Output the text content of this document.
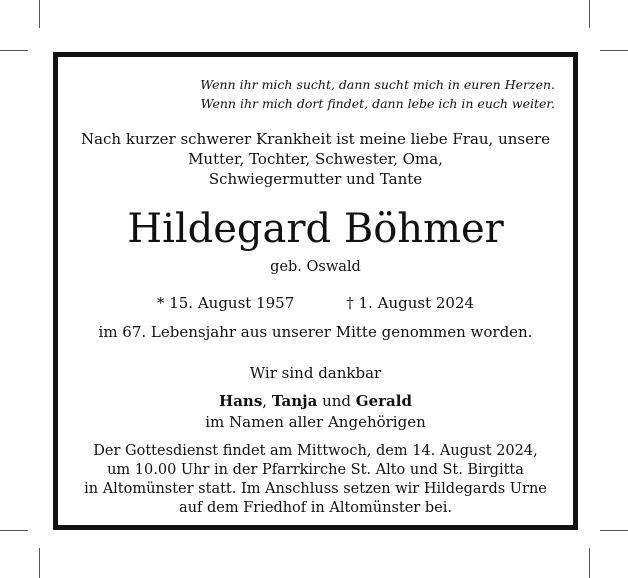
Wenn ihr mich sucht, dann sucht mich in euren Herzen.
Wenn ihr mich dort findet, dann lebe ich in euch weiter.
Nach kurzer schwerer Krankheit ist meine liebe Frau, unsere
Mutter, Tochter, Schwester, Oma,
Schwiegermutter und Tante
Hildegard Böhmer
geb. Oswald
* 15. August 1957	† 1. August 2024
im 67. Lebensjahr aus unserer Mitte genommen worden.
Wir sind dankbar
Hans, Tanja und Gerald
im Namen aller Angehörigen
Der Gottesdienst findet am Mittwoch, dem 14. August 2024,
um 10.00 Uhr in der Pfarrkirche St. Alto und St. Birgitta
in Altomünster statt. Im Anschluss setzen wir Hildegards Urne
auf dem Friedhof in Altomünster bei.
